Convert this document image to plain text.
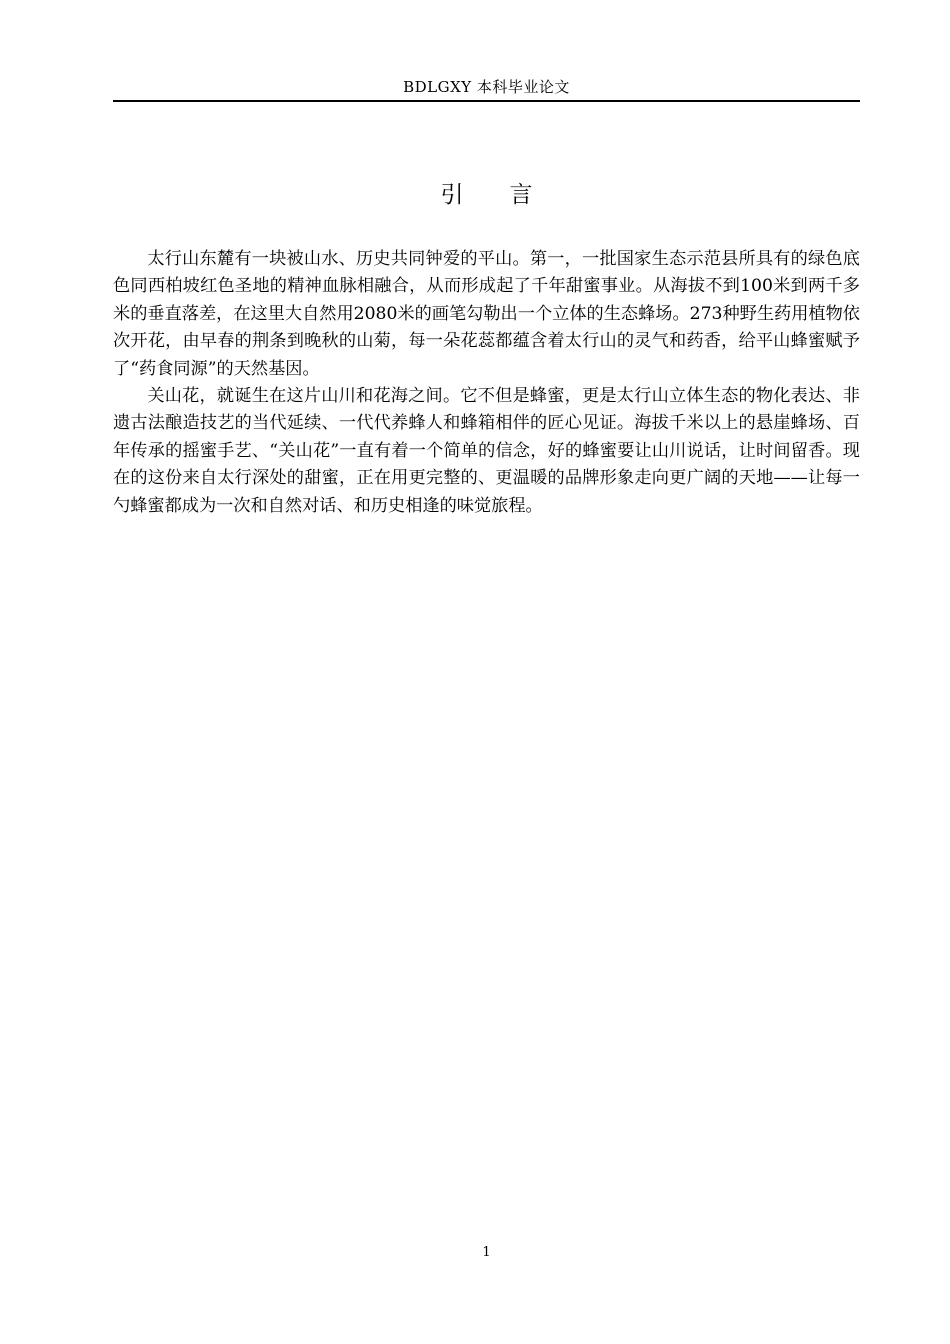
BDLGXY 本科毕业论文
引　　言

太行山东麓有一块被山水、历史共同钟爱的平山。第一，一批国家生态示范县所具有的绿色底色同西柏坡红色圣地的精神血脉相融合，从而形成起了千年甜蜜事业。从海拔不到100米到两千多米的垂直落差，在这里大自然用2080米的画笔勾勒出一个立体的生态蜂场。273种野生药用植物依次开花，由早春的荆条到晚秋的山菊，每一朵花蕊都蕴含着太行山的灵气和药香，给平山蜂蜜赋予了“药食同源”的天然基因。

关山花，就诞生在这片山川和花海之间。它不但是蜂蜜，更是太行山立体生态的物化表达、非遗古法酿造技艺的当代延续、一代代养蜂人和蜂箱相伴的匠心见证。海拔千米以上的悬崖蜂场、百年传承的摇蜜手艺、“关山花”一直有着一个简单的信念，好的蜂蜜要让山川说话，让时间留香。现在的这份来自太行深处的甜蜜，正在用更完整的、更温暖的品牌形象走向更广阔的天地——让每一勺蜂蜜都成为一次和自然对话、和历史相逢的味觉旅程。

1
